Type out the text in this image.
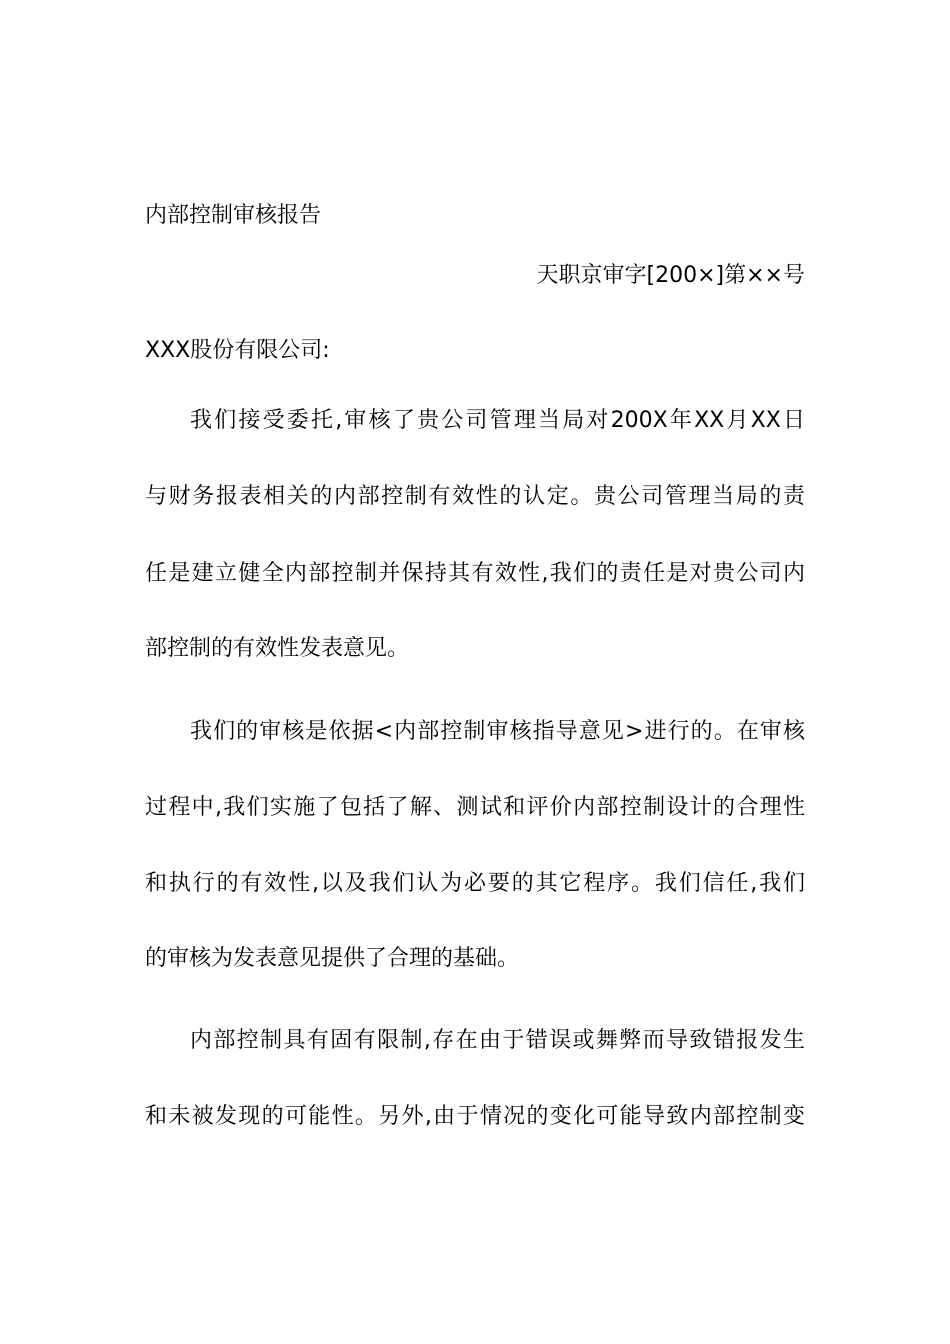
内部控制审核报告
天职京审字[200×]第××号
XXX股份有限公司:
我们接受委托,审核了贵公司管理当局对200X年XX月XX日
与财务报表相关的内部控制有效性的认定。贵公司管理当局的责
任是建立健全内部控制并保持其有效性,我们的责任是对贵公司内
部控制的有效性发表意见。
我们的审核是依据<内部控制审核指导意见>进行的。在审核
过程中,我们实施了包括了解、测试和评价内部控制设计的合理性
和执行的有效性,以及我们认为必要的其它程序。我们信任,我们
的审核为发表意见提供了合理的基础。
内部控制具有固有限制,存在由于错误或舞弊而导致错报发生
和未被发现的可能性。另外,由于情况的变化可能导致内部控制变
